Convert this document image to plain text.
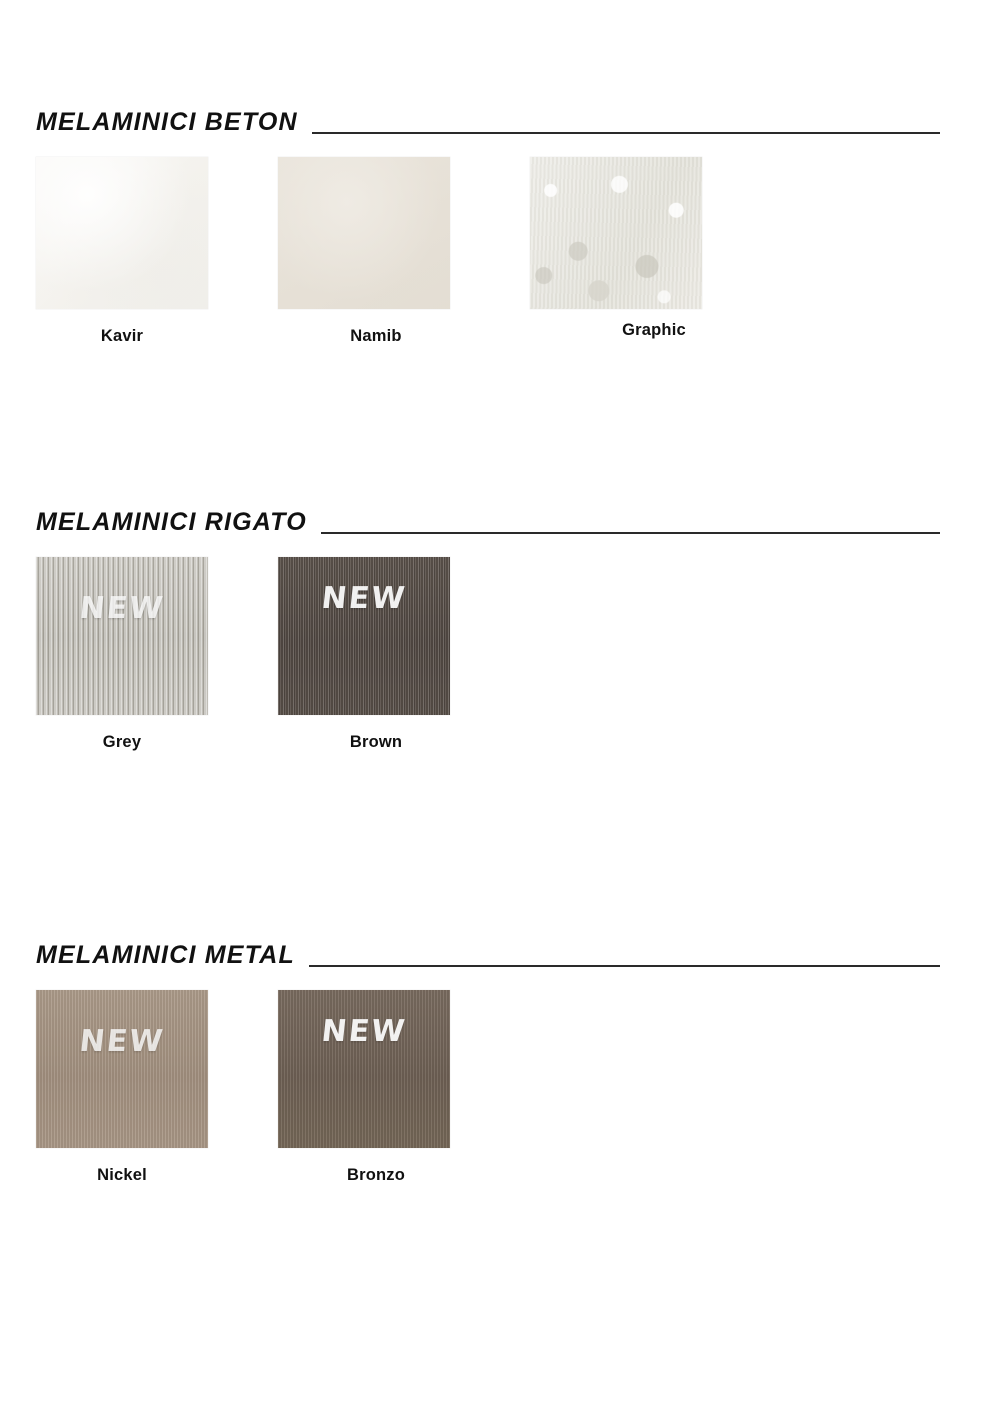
MELAMINICI BETON
Kavir	Namib	Graphic
MELAMINICI RIGATO
NEW
Grey
NEW
Brown
MELAMINICI METAL
NEW
Nickel
NEW
Bronzo
